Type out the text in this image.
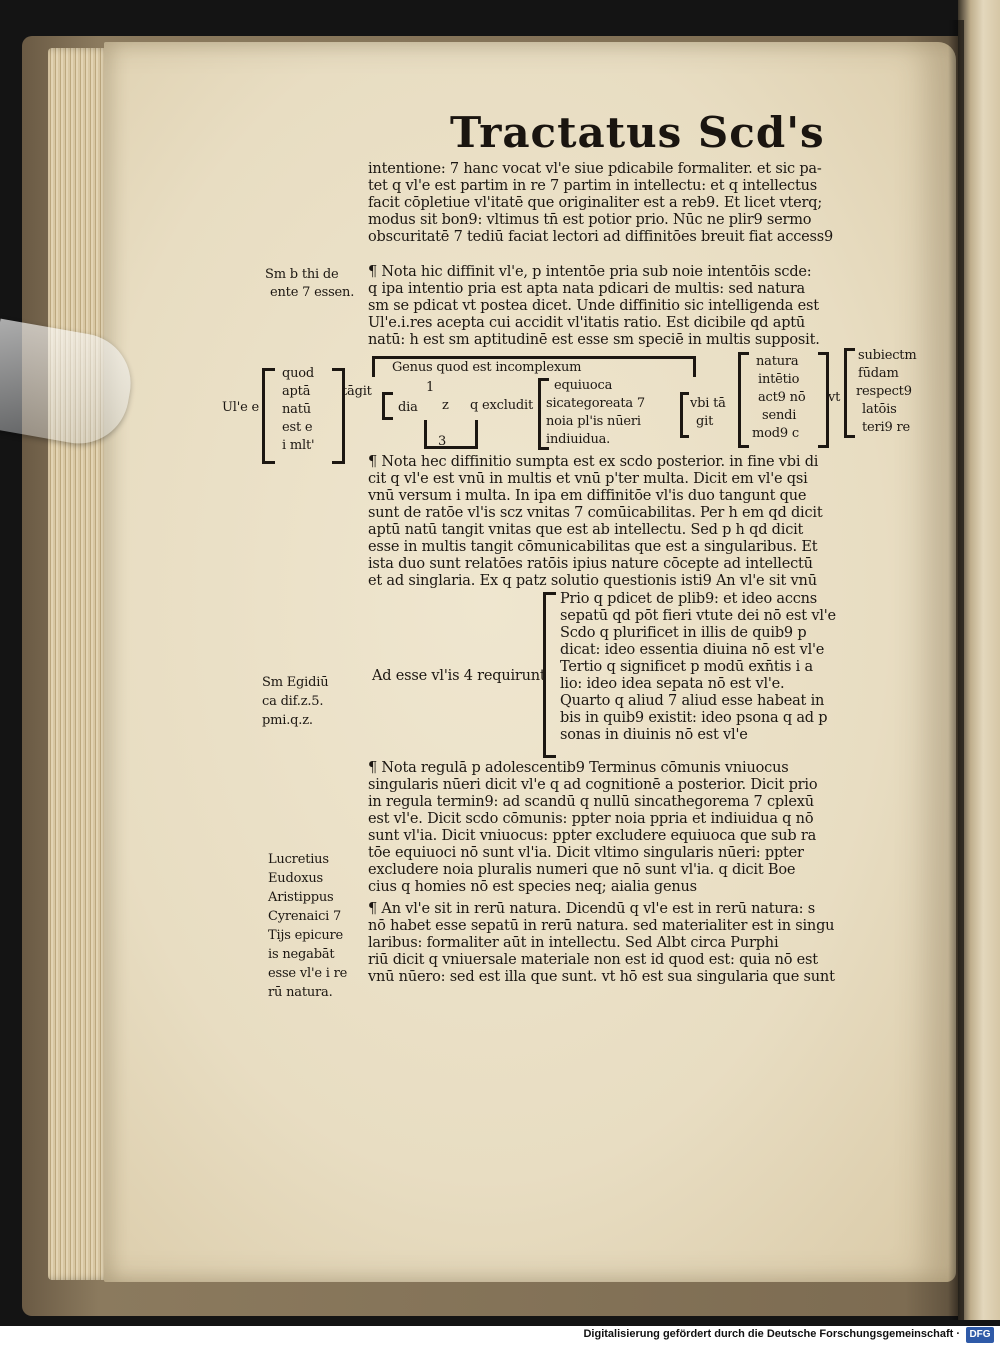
Tractatus Scd's
intentione: 7 hanc vocat vl'e siue pdicabile formaliter. et sic pa-
tet q vl'e est partim in re 7 partim in intellectu: et q intellectus
facit cōpletiue vl'itatē que originaliter est a reb9. Et licet vterq;
modus sit bon9: vltimus tn̄ est potior prio. Nūc ne plir9 sermo
obscuritatē 7 tediū faciat lectori ad diffinitōes breuit fiat access9
Sm b thi de
ente 7 essen.
¶ Nota hic diffinit vl'e, p intentōe pria sub noie intentōis scde:
q ipa intentio pria est apta nata pdicari de multis: sed natura
sm se pdicat vt postea dicet. Unde diffinitio sic intelligenda est
Ul'e.i.res acepta cui accidit vl'itatis ratio. Est dicibile qd aptū
natū: h est sm aptitudinē est esse sm speciē in multis supposit.
Ul'e e
quod
aptā
natū
est e
i mlt'
tāgit
Genus quod est incomplexum
1
dia z
3
q excludit
equiuoca
sicategoreata 7
noia pl'is nūeri
indiuidua.
vbi tā
git
natura
intētio
act9 nō
sendi
mod9 c
vt
subiectm
fūdam
respect9
latōis
teri9 re
¶ Nota hec diffinitio sumpta est ex scdo posterior. in fine vbi di
cit q vl'e est vnū in multis et vnū p'ter multa. Dicit em vl'e qsi
vnū versum i multa. In ipa em diffinitōe vl'is duo tangunt que
sunt de ratōe vl'is scz vnitas 7 comūicabilitas. Per h em qd dicit
aptū natū tangit vnitas que est ab intellectu. Sed p h qd dicit
esse in multis tangit cōmunicabilitas que est a singularibus. Et
ista duo sunt relatōes ratōis ipius nature cōcepte ad intellectū
et ad singlaria. Ex q patz solutio questionis isti9 An vl'e sit vnū
Sm Egidiū
ca dif.z.5.
pmi.q.z.
Ad esse vl'is 4 requirunt
Prio q pdicet de plib9: et ideo accns
sepatū qd pōt fieri vtute dei nō est vl'e
Scdo q plurificet in illis de quib9 p
dicat: ideo essentia diuina nō est vl'e
Tertio q significet p modū exn̄tis i a
lio: ideo idea sepata nō est vl'e.
Quarto q aliud 7 aliud esse habeat in
bis in quib9 existit: ideo psona q ad p
sonas in diuinis nō est vl'e
¶ Nota regulā p adolescentib9 Terminus cōmunis vniuocus
singularis nūeri dicit vl'e q ad cognitionē a posterior. Dicit prio
in regula termin9: ad scandū q nullū sincathegorema 7 cplexū
est vl'e. Dicit scdo cōmunis: ppter noia ppria et indiuidua q nō
sunt vl'ia. Dicit vniuocus: ppter excludere equiuoca que sub ra
tōe equiuoci nō sunt vl'ia. Dicit vltimo singularis nūeri: ppter
excludere noia pluralis numeri que nō sunt vl'ia. q dicit Boe
cius q homies nō est species neq; aialia genus
Lucretius
Eudoxus
Aristippus
Cyrenaici 7
Tijs epicure
is negabāt
esse vl'e i re
rū natura.
¶ An vl'e sit in rerū natura. Dicendū q vl'e est in rerū natura: s
nō habet esse sepatū in rerū natura. sed materialiter est in singu
laribus: formaliter aūt in intellectu. Sed Albt circa Purphi
riū dicit q vniuersale materiale non est id quod est: quia nō est
vnū nūero: sed est illa que sunt. vt hō est sua singularia que sunt
Digitalisierung gefördert durch die Deutsche Forschungsgemeinschaft · DFG
